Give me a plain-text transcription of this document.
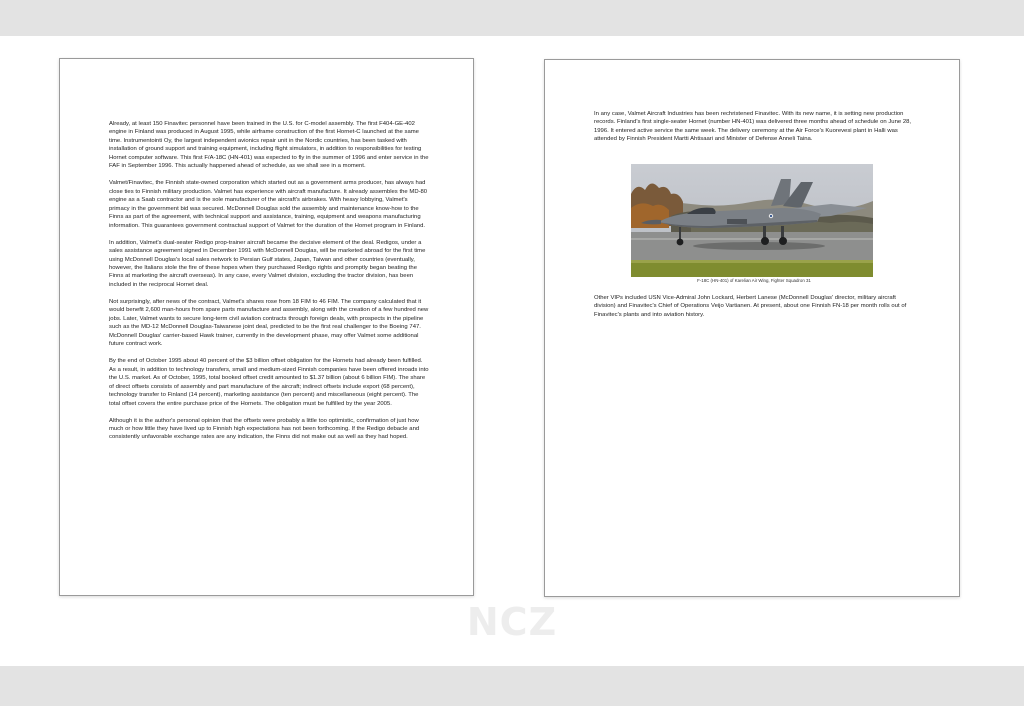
Already, at least 150 Finavitec personnel have been trained in the U.S. for C-model assembly. The first F404-GE-402 engine in Finland was produced in August 1995, while airframe construction of the first Hornet-C launched at the same time. Instrumentointi Oy, the largest independent avionics repair unit in the Nordic countries, has been tasked with installation of ground support and training equipment, including flight simulators, in addition to responsibilities for testing Hornet computer software. This first F/A-18C (HN-401) was expected to fly in the summer of 1996 and enter service in the FAF in September 1996. This actually happened ahead of schedule, as we shall see in a moment.

Valmet/Finavitec, the Finnish state-owned corporation which started out as a government arms producer, has always had close ties to Finnish military production. Valmet has experience with aircraft manufacture. It already assembles the MD-80 engine as a Saab contractor and is the sole manufacturer of the aircraft's airbrakes. With heavy lobbying, Valmet's primacy in the government bid was secured. McDonnell Douglas sold the assembly and maintenance know-how to the Finns as part of the agreement, with technical support and assistance, training, equipment and weapons manufacturing information. This guarantees government contractual support of Valmet for the duration of the Hornet program in Finland.

In addition, Valmet's dual-seater Redigo prop-trainer aircraft became the decisive element of the deal. Redigos, under a sales assistance agreement signed in December 1991 with McDonnell Douglas, will be marketed abroad for the first time using McDonnell Douglas's local sales network to Persian Gulf states, Japan, Taiwan and other countries (eventually, however, the Italians stole the fire of these hopes when they purchased Redigo rights and promptly began beating the Finns at marketing the aircraft overseas). In any case, every Valmet division, excluding the tractor division, has been included in the reciprocal Hornet deal.

Not surprisingly, after news of the contract, Valmet's shares rose from 18 FIM to 46 FIM. The company calculated that it would benefit 2,600 man-hours from spare parts manufacture and assembly, along with the creation of a few hundred new jobs. Later, Valmet wants to secure long-term civil aviation contracts through foreign deals, with prospects in the pipeline such as the MD-12 McDonnell Douglas-Taiwanese joint deal, predicted to be the first real challenger to the Boeing 747. McDonnell Douglas' carrier-based Hawk trainer, currently in the development phase, may offer Valmet some additional future contract work.

By the end of October 1995 about 40 percent of the $3 billion offset obligation for the Hornets had already been fulfilled. As a result, in addition to technology transfers, small and medium-sized Finnish companies have been offered inroads into the U.S. market. As of October, 1995, total booked offset credit amounted to $1.37 billion (about 6 billion FIM). The share of direct offsets consists of assembly and part manufacture of the aircraft; indirect offsets include export (68 percent), technology transfer to Finland (14 percent), marketing assistance (ten percent) and miscellaneous (eight percent). The total offset covers the entire purchase price of the Hornets. The obligation must be fulfilled by the year 2005.

Although it is the author's personal opinion that the offsets were probably a little too optimistic, confirmation of just how much or how little they have lived up to Finnish high expectations has not been forthcoming. If the Redigo debacle and consistently unfavorable exchange rates are any indication, the Finns did not make out as well as they had hoped.

In any case, Valmet Aircraft Industries has been rechristened Finavitec. With its new name, it is setting new production records. Finland's first single-seater Hornet (number HN-401) was delivered three months ahead of schedule on June 28, 1996. It entered active service the same week. The delivery ceremony at the Air Force's Kuorevesi plant in Halli was attended by Finnish President Martti Ahtisaari and Minister of Defense Anneli Taina.

F-18C (HN-401) of Karelian Air Wing, Fighter Squadron 31

Other VIPs included USN Vice-Admiral John Lockard, Herbert Lanese (McDonnell Douglas' director, military aircraft division) and Finavitec's Chief of Operations Veijo Vartianen. At present, about one Finnish FN-18 per month rolls out of Finavitec's plants and into aviation history.

NCZ
